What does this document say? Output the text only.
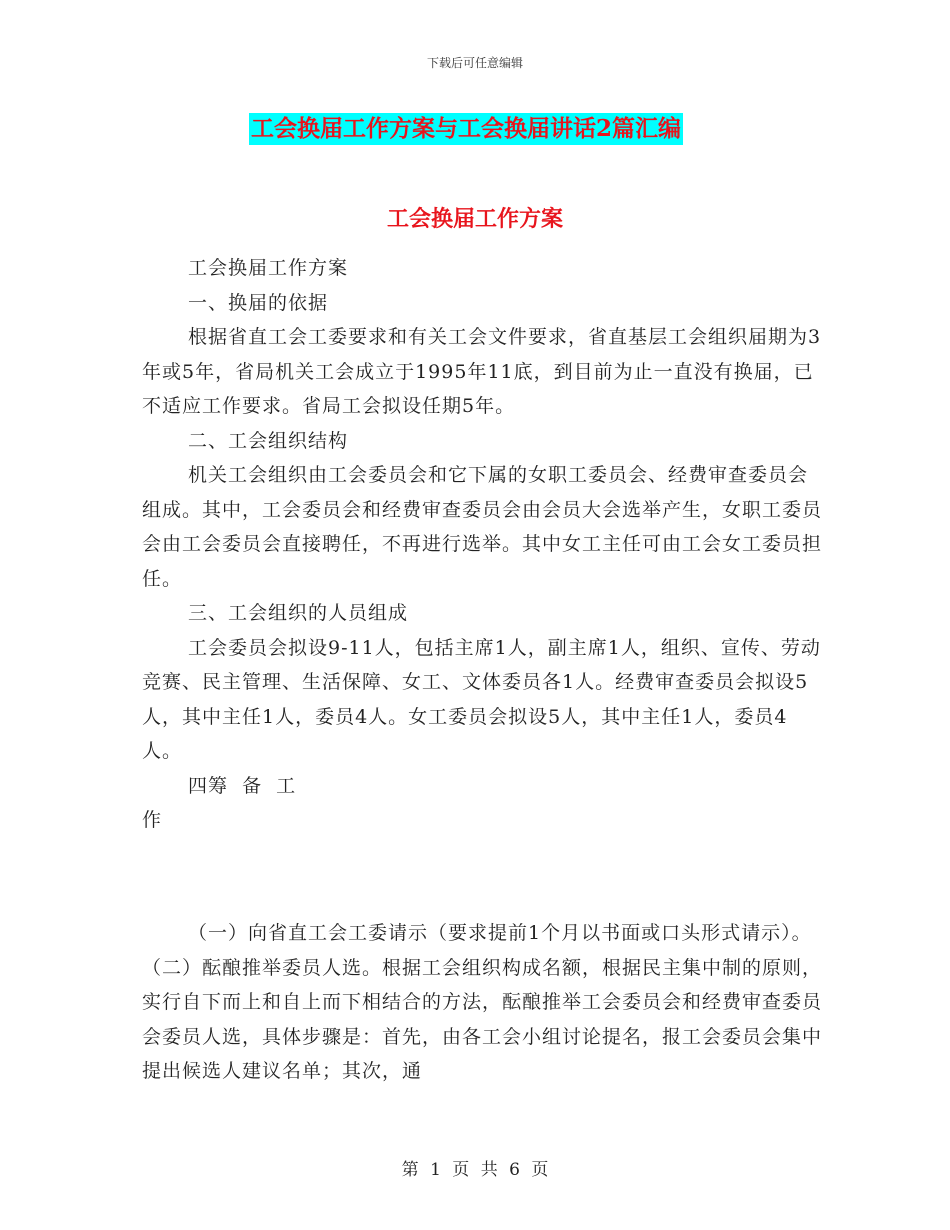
下载后可任意编辑
工会换届工作方案与工会换届讲话2篇汇编
工会换届工作方案

工会换届工作方案

一、换届的依据

根据省直工会工委要求和有关工会文件要求，省直基层工会组织届期为3年或5年，省局机关工会成立于1995年11底，到目前为止一直没有换届，已不适应工作要求。省局工会拟设任期5年。

二、工会组织结构

机关工会组织由工会委员会和它下属的女职工委员会、经费审查委员会组成。其中，工会委员会和经费审查委员会由会员大会选举产生，女职工委员会由工会委员会直接聘任，不再进行选举。其中女工主任可由工会女工委员担任。

三、工会组织的人员组成

工会委员会拟设9-11人，包括主席1人，副主席1人，组织、宣传、劳动竞赛、民主管理、生活保障、女工、文体委员各1人。经费审查委员会拟设5人，其中主任1人，委员4人。女工委员会拟设5人，其中主任1人，委员4人。

四筹  备  工

作

（一）向省直工会工委请示（要求提前1个月以书面或口头形式请示）。（二）酝酿推举委员人选。根据工会组织构成名额，根据民主集中制的原则，实行自下而上和自上而下相结合的方法，酝酿推举工会委员会和经费审查委员会委员人选，具体步骤是：首先，由各工会小组讨论提名，报工会委员会集中提出候选人建议名单；其次，通

第 1 页 共 6 页
